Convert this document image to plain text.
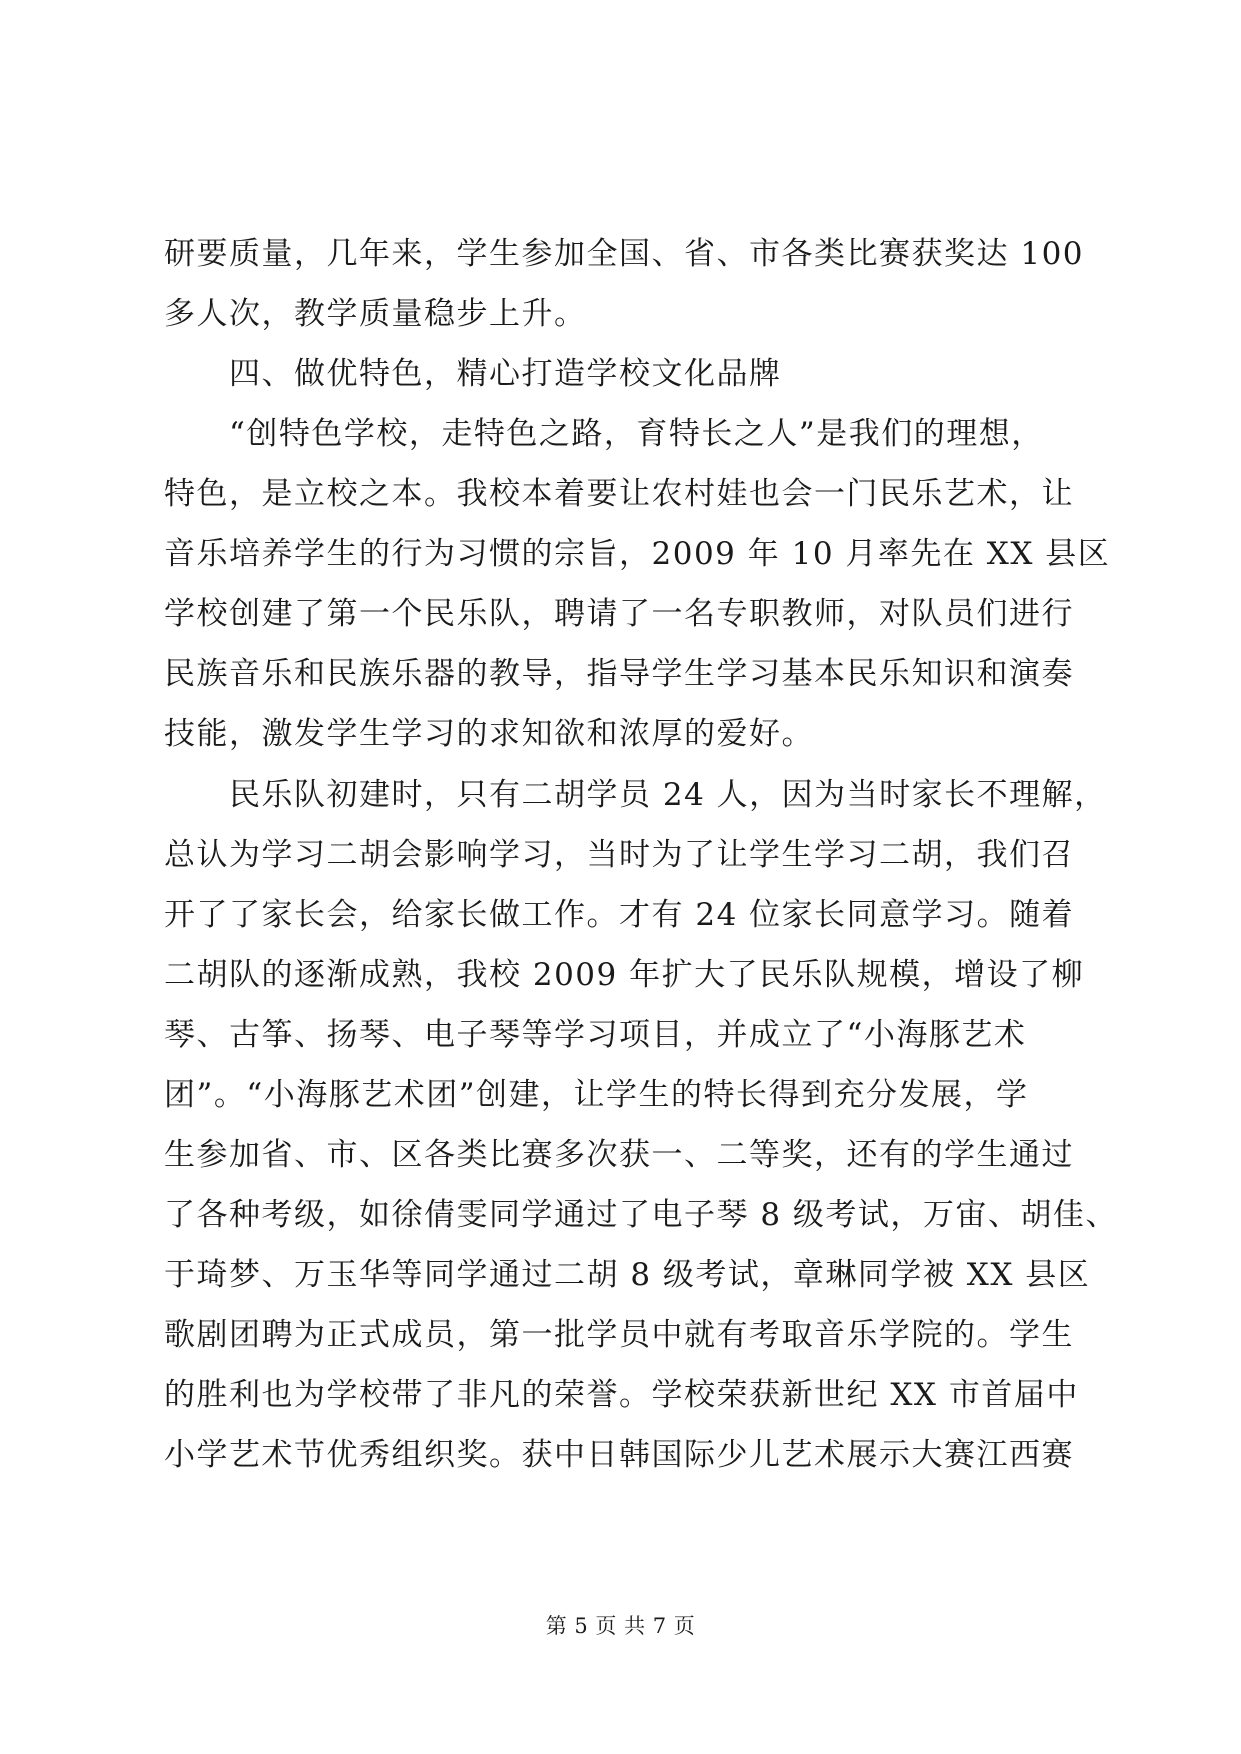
研要质量，几年来，学生参加全国、省、市各类比赛获奖达 100
多人次，教学质量稳步上升。
　　四、做优特色，精心打造学校文化品牌
　　“创特色学校，走特色之路，育特长之人”是我们的理想，
特色，是立校之本。我校本着要让农村娃也会一门民乐艺术，让
音乐培养学生的行为习惯的宗旨，2009 年 10 月率先在 XX 县区
学校创建了第一个民乐队，聘请了一名专职教师，对队员们进行
民族音乐和民族乐器的教导，指导学生学习基本民乐知识和演奏
技能，激发学生学习的求知欲和浓厚的爱好。
　　民乐队初建时，只有二胡学员 24 人，因为当时家长不理解，
总认为学习二胡会影响学习，当时为了让学生学习二胡，我们召
开了了家长会，给家长做工作。才有 24 位家长同意学习。随着
二胡队的逐渐成熟，我校 2009 年扩大了民乐队规模，增设了柳
琴、古筝、扬琴、电子琴等学习项目，并成立了“小海豚艺术
团”。“小海豚艺术团”创建，让学生的特长得到充分发展，学
生参加省、市、区各类比赛多次获一、二等奖，还有的学生通过
了各种考级，如徐倩雯同学通过了电子琴 8 级考试，万宙、胡佳、
于琦梦、万玉华等同学通过二胡 8 级考试，章琳同学被 XX 县区
歌剧团聘为正式成员，第一批学员中就有考取音乐学院的。学生
的胜利也为学校带了非凡的荣誉。学校荣获新世纪 XX 市首届中
小学艺术节优秀组织奖。获中日韩国际少儿艺术展示大赛江西赛
第 5 页 共 7 页
